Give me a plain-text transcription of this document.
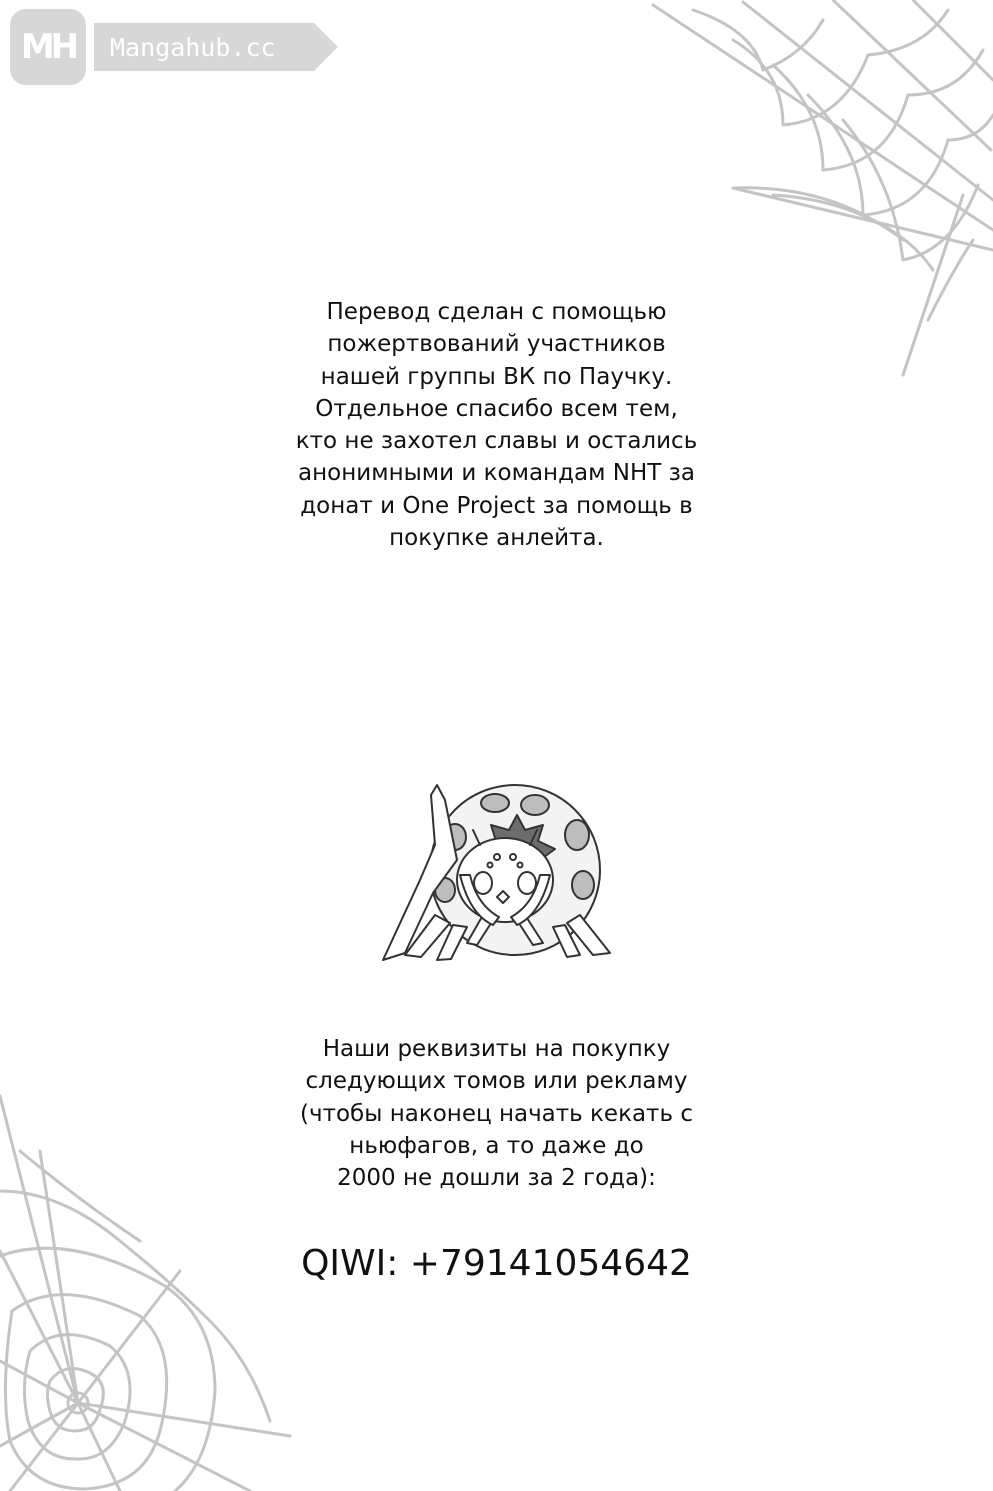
MH Mangahub.cc
Перевод сделан с помощью
пожертвований участников
нашей группы ВК по Паучку.
Отдельное спасибо всем тем,
кто не захотел славы и остались
анонимными и командам NHT за
донат и One Project за помощь в
покупке анлейта.
Наши реквизиты на покупку
следующих томов или рекламу
(чтобы наконец начать кекать с
ньюфагов, а то даже до
2000 не дошли за 2 года):
QIWI: +79141054642
